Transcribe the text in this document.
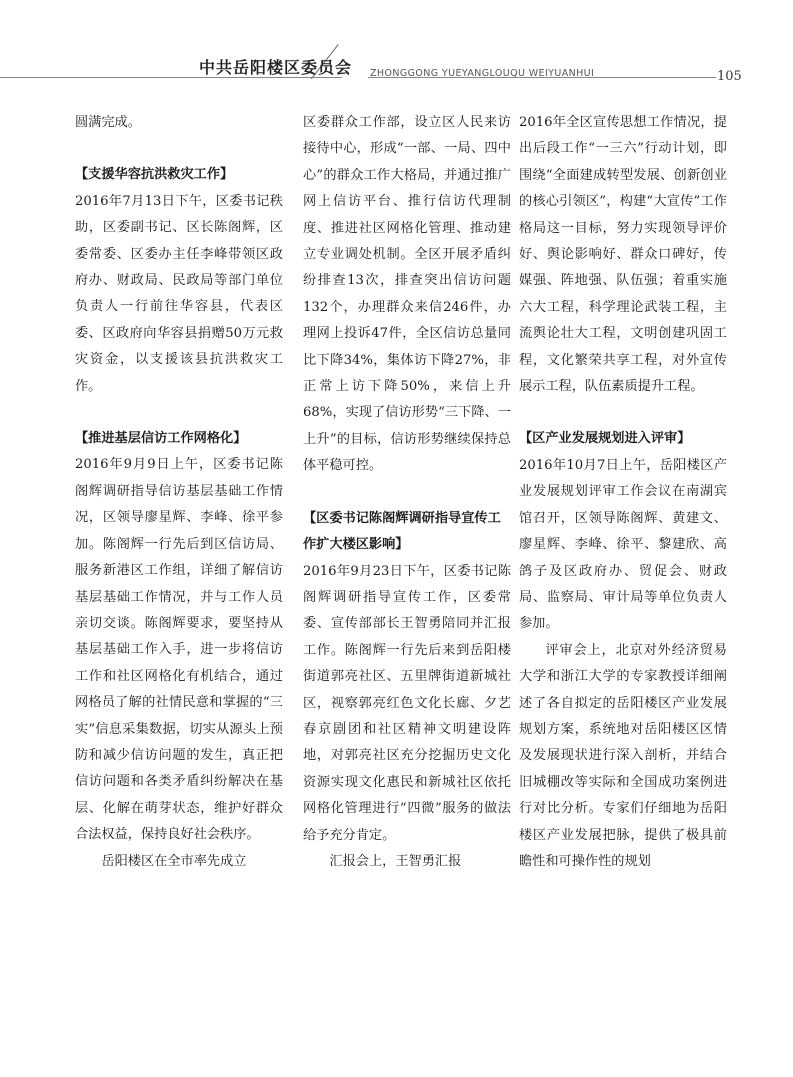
中共岳阳楼区委员会 ZHONGGONG YUEYANGLOUQU WEIYUANHUI	105

圆满完成。

【支援华容抗洪救灾工作】

2016年7月13日下午，区委书记秩助，区委副书记、区长陈阁辉，区委常委、区委办主任李峰带领区政府办、财政局、民政局等部门单位负责人一行前往华容县，代表区委、区政府向华容县捐赠50万元救灾资金，以支援该县抗洪救灾工作。

【推进基层信访工作网格化】

2016年9月9日上午，区委书记陈阁辉调研指导信访基层基础工作情况，区领导廖星辉、李峰、徐平参加。陈阁辉一行先后到区信访局、服务新港区工作组，详细了解信访基层基础工作情况，并与工作人员亲切交谈。陈阁辉要求，要坚持从基层基础工作入手，进一步将信访工作和社区网格化有机结合，通过网格员了解的社情民意和掌握的“三实”信息采集数据，切实从源头上预防和减少信访问题的发生，真正把信访问题和各类矛盾纠纷解决在基层、化解在萌芽状态，维护好群众合法权益，保持良好社会秩序。

岳阳楼区在全市率先成立

区委群众工作部，设立区人民来访接待中心，形成“一部、一局、四中心”的群众工作大格局，并通过推广网上信访平台、推行信访代理制度、推进社区网格化管理、推动建立专业调处机制。全区开展矛盾纠纷排查13次，排查突出信访问题132个，办理群众来信246件，办理网上投诉47件，全区信访总量同比下降34%，集体访下降27%，非正常上访下降50%，来信上升68%，实现了信访形势“三下降、一上升”的目标，信访形势继续保持总体平稳可控。

【区委书记陈阁辉调研指导宣传工作扩大楼区影响】

2016年9月23日下午，区委书记陈阁辉调研指导宣传工作，区委常委、宣传部部长王智勇陪同并汇报工作。陈阁辉一行先后来到岳阳楼街道郭亮社区、五里牌街道新城社区，视察郭亮红色文化长廊、夕艺春京剧团和社区精神文明建设阵地，对郭亮社区充分挖掘历史文化资源实现文化惠民和新城社区依托网格化管理进行“四微”服务的做法给予充分肯定。

汇报会上，王智勇汇报

2016年全区宣传思想工作情况，提出后段工作“一三六”行动计划，即围绕“全面建成转型发展、创新创业的核心引领区”，构建“大宣传”工作格局这一目标，努力实现领导评价好、舆论影响好、群众口碑好，传媒强、阵地强、队伍强；着重实施六大工程，科学理论武装工程，主流舆论壮大工程，文明创建巩固工程，文化繁荣共享工程，对外宣传展示工程，队伍素质提升工程。

【区产业发展规划进入评审】

2016年10月7日上午，岳阳楼区产业发展规划评审工作会议在南湖宾馆召开，区领导陈阁辉、黄建文、廖星辉、李峰、徐平、黎建欣、高鸽子及区政府办、贸促会、财政局、监察局、审计局等单位负责人参加。

评审会上，北京对外经济贸易大学和浙江大学的专家教授详细阐述了各自拟定的岳阳楼区产业发展规划方案，系统地对岳阳楼区区情及发展现状进行深入剖析，并结合旧城棚改等实际和全国成功案例进行对比分析。专家们仔细地为岳阳楼区产业发展把脉，提供了极具前瞻性和可操作性的规划
